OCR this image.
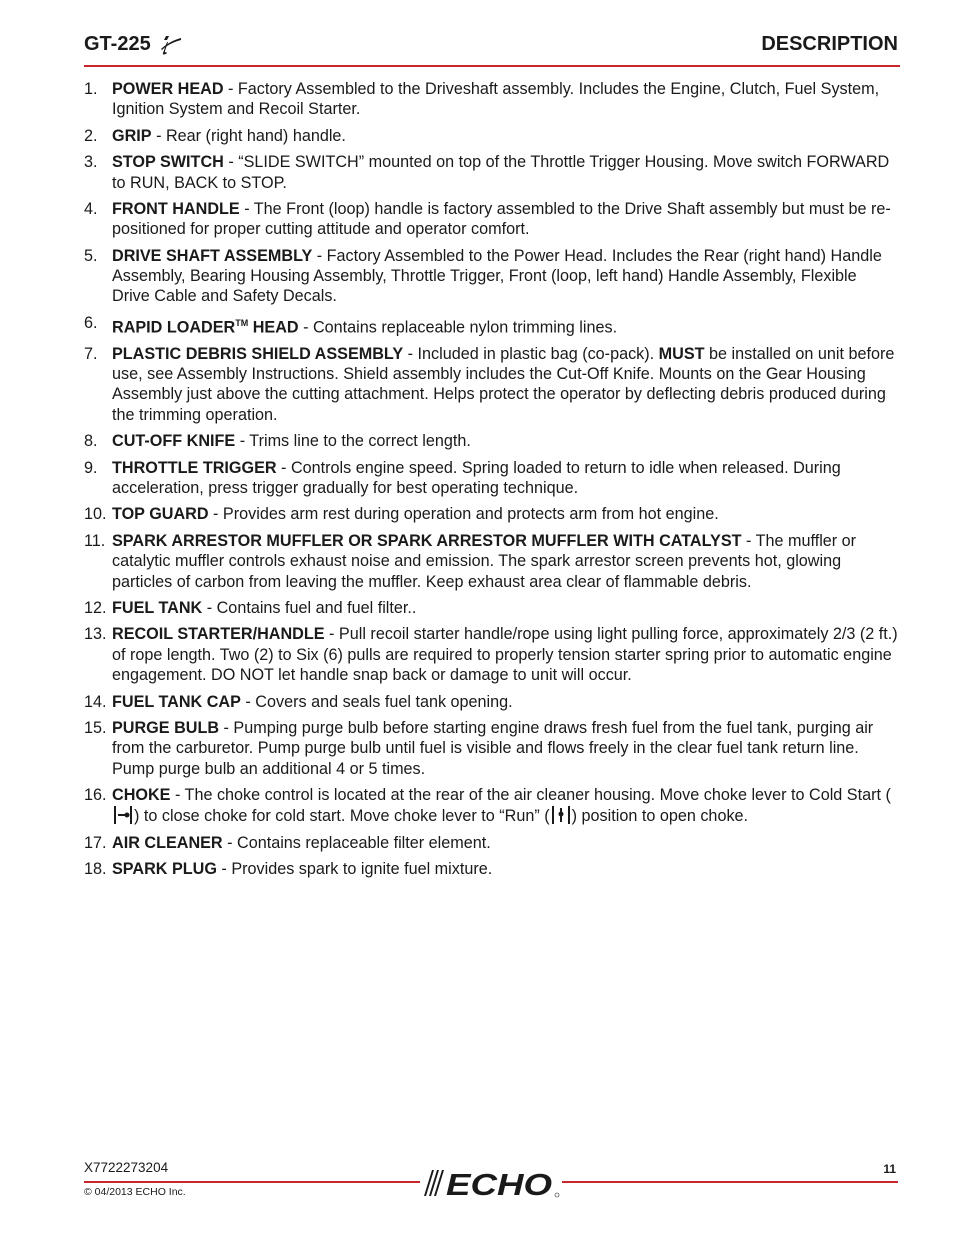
GT-225	DESCRIPTION
1. POWER HEAD - Factory Assembled to the Driveshaft assembly. Includes the Engine, Clutch, Fuel System, Ignition System and Recoil Starter.
2. GRIP - Rear (right hand) handle.
3. STOP SWITCH - “SLIDE SWITCH” mounted on top of the Throttle Trigger Housing. Move switch FORWARD to RUN, BACK to STOP.
4. FRONT HANDLE - The Front (loop) handle is factory assembled to the Drive Shaft assembly but must be re-positioned for proper cutting attitude and operator comfort.
5. DRIVE SHAFT ASSEMBLY - Factory Assembled to the Power Head. Includes the Rear (right hand) Handle Assembly, Bearing Housing Assembly, Throttle Trigger, Front (loop, left hand) Handle Assembly, Flexible Drive Cable and Safety Decals.
6. RAPID LOADER™ HEAD - Contains replaceable nylon trimming lines.
7. PLASTIC DEBRIS SHIELD ASSEMBLY - Included in plastic bag (co-pack). MUST be installed on unit before use, see Assembly Instructions. Shield assembly includes the Cut-Off Knife. Mounts on the Gear Housing Assembly just above the cutting attachment. Helps protect the operator by deflecting debris produced during the trimming operation.
8. CUT-OFF KNIFE - Trims line to the correct length.
9. THROTTLE TRIGGER - Controls engine speed. Spring loaded to return to idle when released. During acceleration, press trigger gradually for best operating technique.
10. TOP GUARD - Provides arm rest during operation and protects arm from hot engine.
11. SPARK ARRESTOR MUFFLER OR SPARK ARRESTOR MUFFLER WITH CATALYST - The muffler or catalytic muffler controls exhaust noise and emission. The spark arrestor screen prevents hot, glowing particles of carbon from leaving the muffler. Keep exhaust area clear of flammable debris.
12. FUEL TANK - Contains fuel and fuel filter..
13. RECOIL STARTER/HANDLE - Pull recoil starter handle/rope using light pulling force, approximately 2/3 (2 ft.) of rope length. Two (2) to Six (6) pulls are required to properly tension starter spring prior to automatic engine engagement. DO NOT let handle snap back or damage to unit will occur.
14. FUEL TANK CAP - Covers and seals fuel tank opening.
15. PURGE BULB - Pumping purge bulb before starting engine draws fresh fuel from the fuel tank, purging air from the carburetor. Pump purge bulb until fuel is visible and flows freely in the clear fuel tank return line. Pump purge bulb an additional 4 or 5 times.
16. CHOKE - The choke control is located at the rear of the air cleaner housing. Move choke lever to Cold Start () to close choke for cold start. Move choke lever to “Run” ( ) position to open choke.
17. AIR CLEANER - Contains replaceable filter element.
18. SPARK PLUG - Provides spark to ignite fuel mixture.
X7722273204
© 04/2013 ECHO Inc.
11
ECHO
